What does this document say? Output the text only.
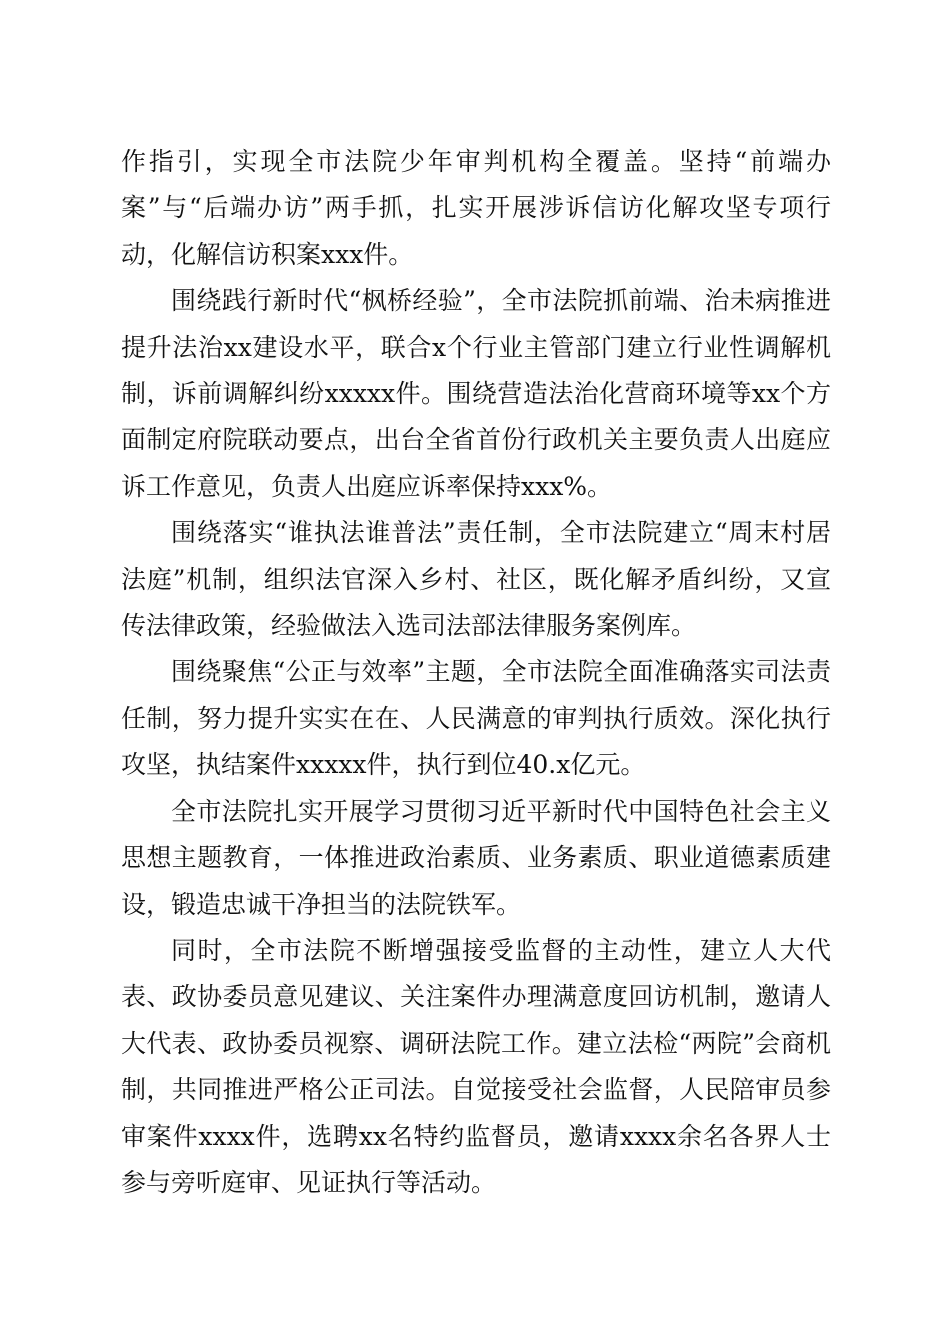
作指引，实现全市法院少年审判机构全覆盖。坚持“前端办案”与“后端办访”两手抓，扎实开展涉诉信访化解攻坚专项行动，化解信访积案xxx件。

围绕践行新时代“枫桥经验”，全市法院抓前端、治未病推进提升法治xx建设水平，联合x个行业主管部门建立行业性调解机制，诉前调解纠纷xxxxx件。围绕营造法治化营商环境等xx个方面制定府院联动要点，出台全省首份行政机关主要负责人出庭应诉工作意见，负责人出庭应诉率保持xxx%。

围绕落实“谁执法谁普法”责任制，全市法院建立“周末村居法庭”机制，组织法官深入乡村、社区，既化解矛盾纠纷，又宣传法律政策，经验做法入选司法部法律服务案例库。

围绕聚焦“公正与效率”主题，全市法院全面准确落实司法责任制，努力提升实实在在、人民满意的审判执行质效。深化执行攻坚，执结案件xxxxx件，执行到位40.x亿元。

全市法院扎实开展学习贯彻习近平新时代中国特色社会主义思想主题教育，一体推进政治素质、业务素质、职业道德素质建设，锻造忠诚干净担当的法院铁军。

同时，全市法院不断增强接受监督的主动性，建立人大代表、政协委员意见建议、关注案件办理满意度回访机制，邀请人大代表、政协委员视察、调研法院工作。建立法检“两院”会商机制，共同推进严格公正司法。自觉接受社会监督，人民陪审员参审案件xxxx件，选聘xx名特约监督员，邀请xxxx余名各界人士参与旁听庭审、见证执行等活动。
